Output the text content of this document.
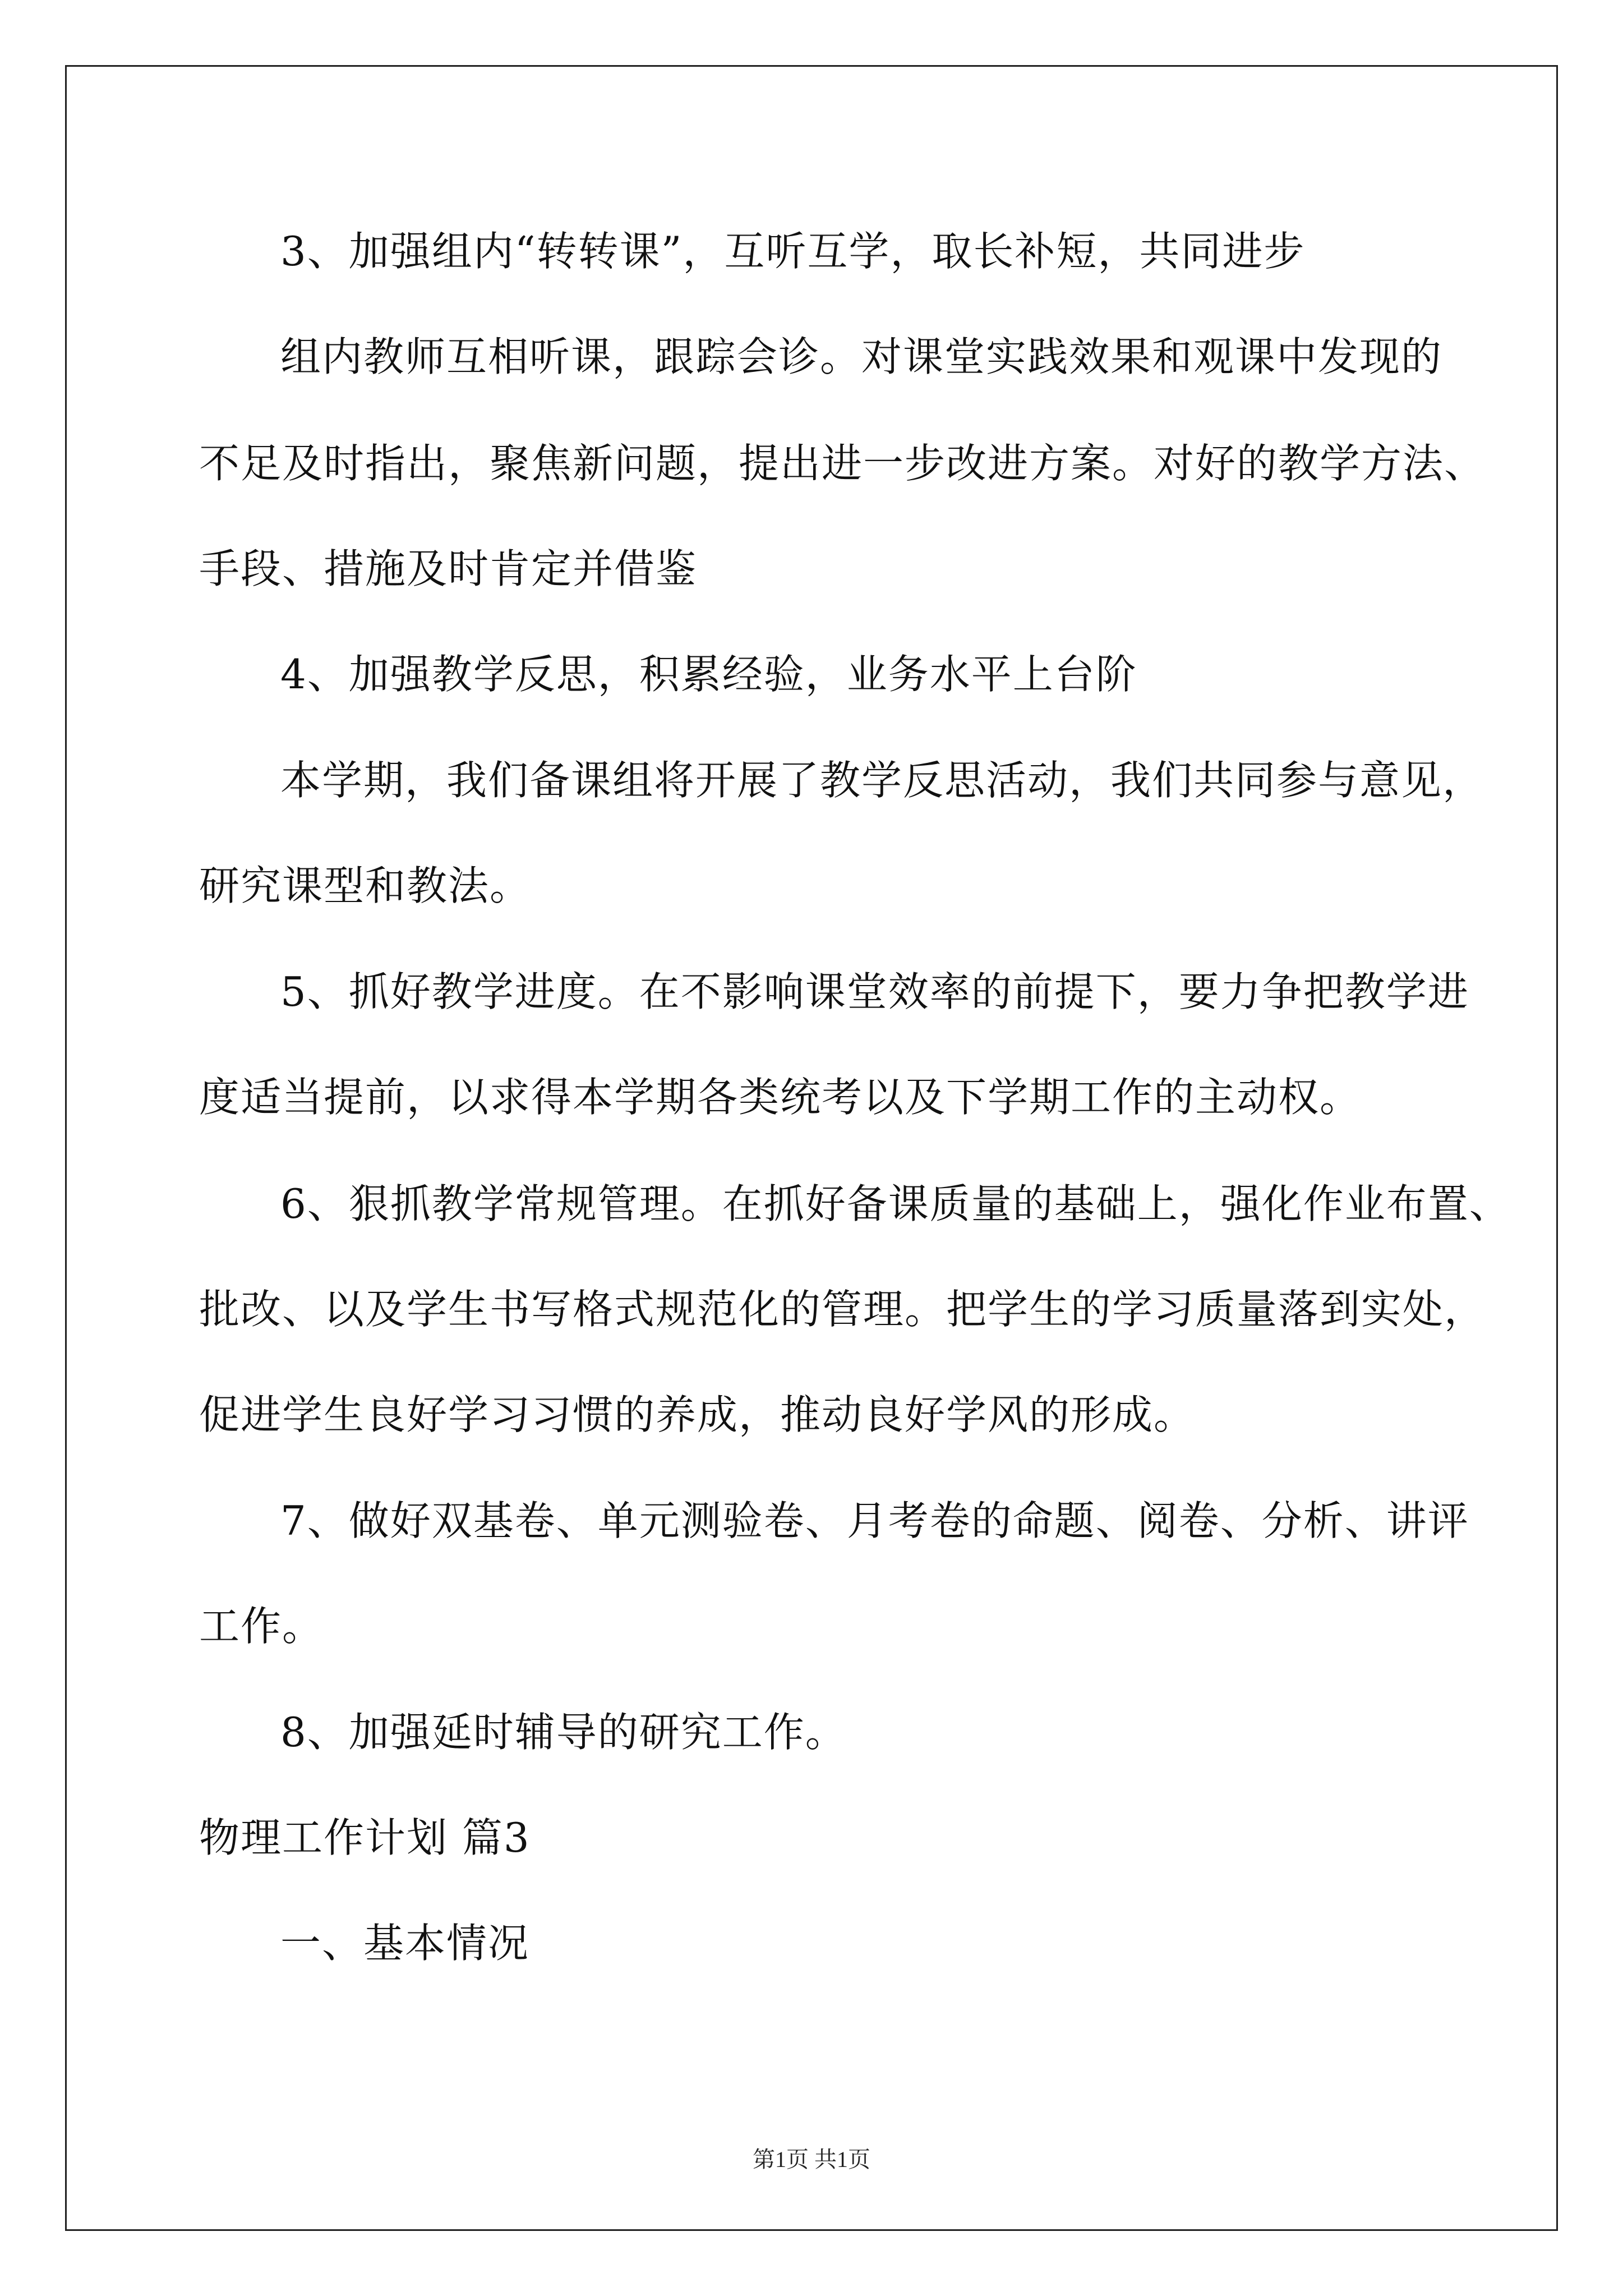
3、加强组内“转转课”，互听互学，取长补短，共同进步
组内教师互相听课，跟踪会诊。对课堂实践效果和观课中发现的
不足及时指出，聚焦新问题，提出进一步改进方案。对好的教学方法、
手段、措施及时肯定并借鉴
4、加强教学反思，积累经验，业务水平上台阶
本学期，我们备课组将开展了教学反思活动，我们共同参与意见，
研究课型和教法。
5、抓好教学进度。在不影响课堂效率的前提下，要力争把教学进
度适当提前，以求得本学期各类统考以及下学期工作的主动权。
6、狠抓教学常规管理。在抓好备课质量的基础上，强化作业布置、
批改、以及学生书写格式规范化的管理。把学生的学习质量落到实处，
促进学生良好学习习惯的养成，推动良好学风的形成。
7、做好双基卷、单元测验卷、月考卷的命题、阅卷、分析、讲评
工作。
8、加强延时辅导的研究工作。
物理工作计划 篇3
一、基本情况
第1页 共1页
